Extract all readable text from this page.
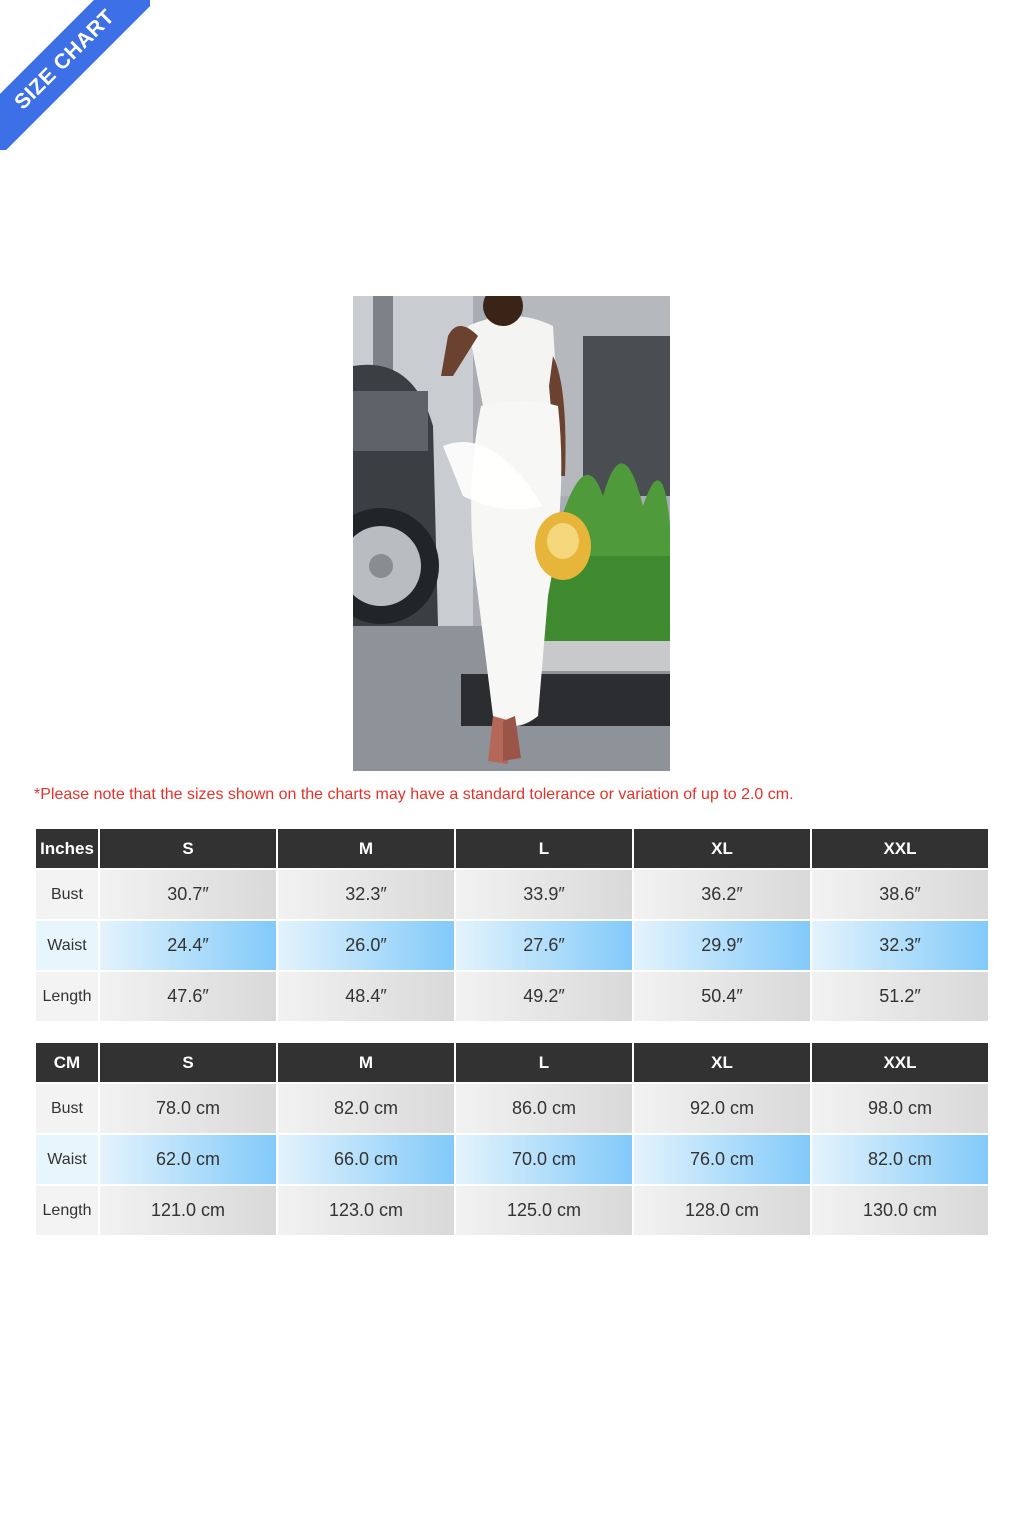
SIZE CHART
*Please note that the sizes shown on the charts may have a standard tolerance or variation of up to 2.0 cm.
Inches	S	M	L	XL	XXL
Bust	30.7″	32.3″	33.9″	36.2″	38.6″
Waist	24.4″	26.0″	27.6″	29.9″	32.3″
Length	47.6″	48.4″	49.2″	50.4″	51.2″
CM	S	M	L	XL	XXL
Bust	78.0 cm	82.0 cm	86.0 cm	92.0 cm	98.0 cm
Waist	62.0 cm	66.0 cm	70.0 cm	76.0 cm	82.0 cm
Length	121.0 cm	123.0 cm	125.0 cm	128.0 cm	130.0 cm
